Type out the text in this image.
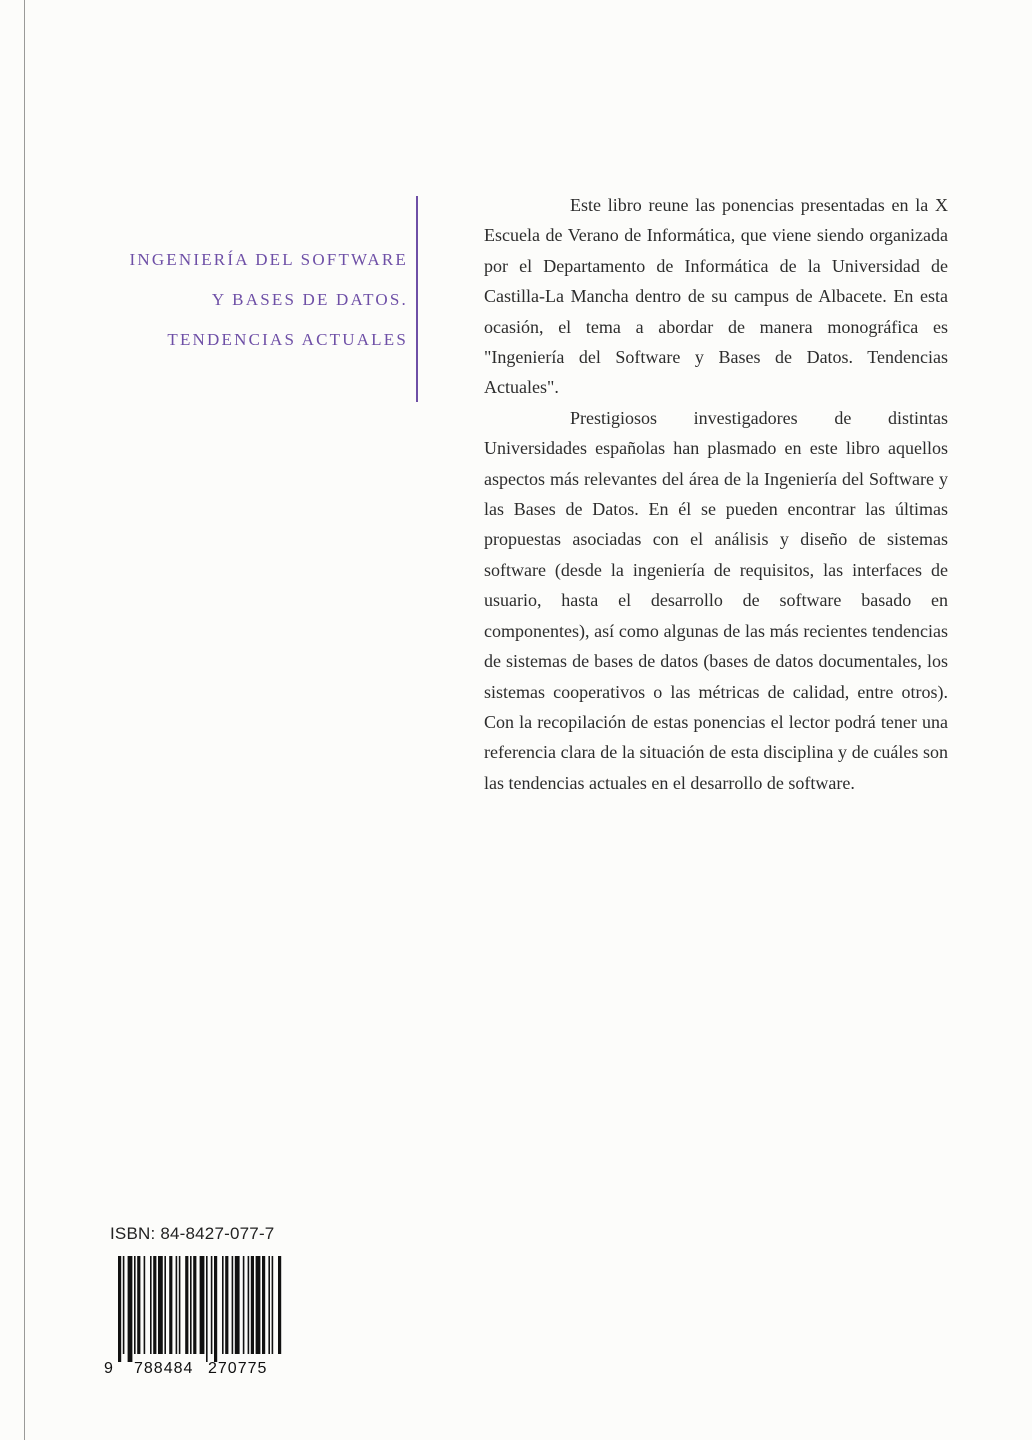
INGENIERÍA DEL SOFTWARE
Y BASES DE DATOS.
TENDENCIAS ACTUALES

Este libro reune las ponencias presentadas en la X Escuela de Verano de Informática, que viene siendo organizada por el Departamento de Informática de la Universidad de Castilla-La Mancha dentro de su campus de Albacete. En esta ocasión, el tema a abordar de manera monográfica es "Ingeniería del Software y Bases de Datos. Tendencias Actuales".

Prestigiosos investigadores de distintas Universidades españolas han plasmado en este libro aquellos aspectos más relevantes del área de la Ingeniería del Software y las Bases de Datos. En él se pueden encontrar las últimas propuestas asociadas con el análisis y diseño de sistemas software (desde la ingeniería de requisitos, las interfaces de usuario, hasta el desarrollo de software basado en componentes), así como algunas de las más recientes tendencias de sistemas de bases de datos (bases de datos documentales, los sistemas cooperativos o las métricas de calidad, entre otros). Con la recopilación de estas ponencias el lector podrá tener una referencia clara de la situación de esta disciplina y de cuáles son las tendencias actuales en el desarrollo de software.

ISBN: 84-8427-077-7
9 788484 270775
